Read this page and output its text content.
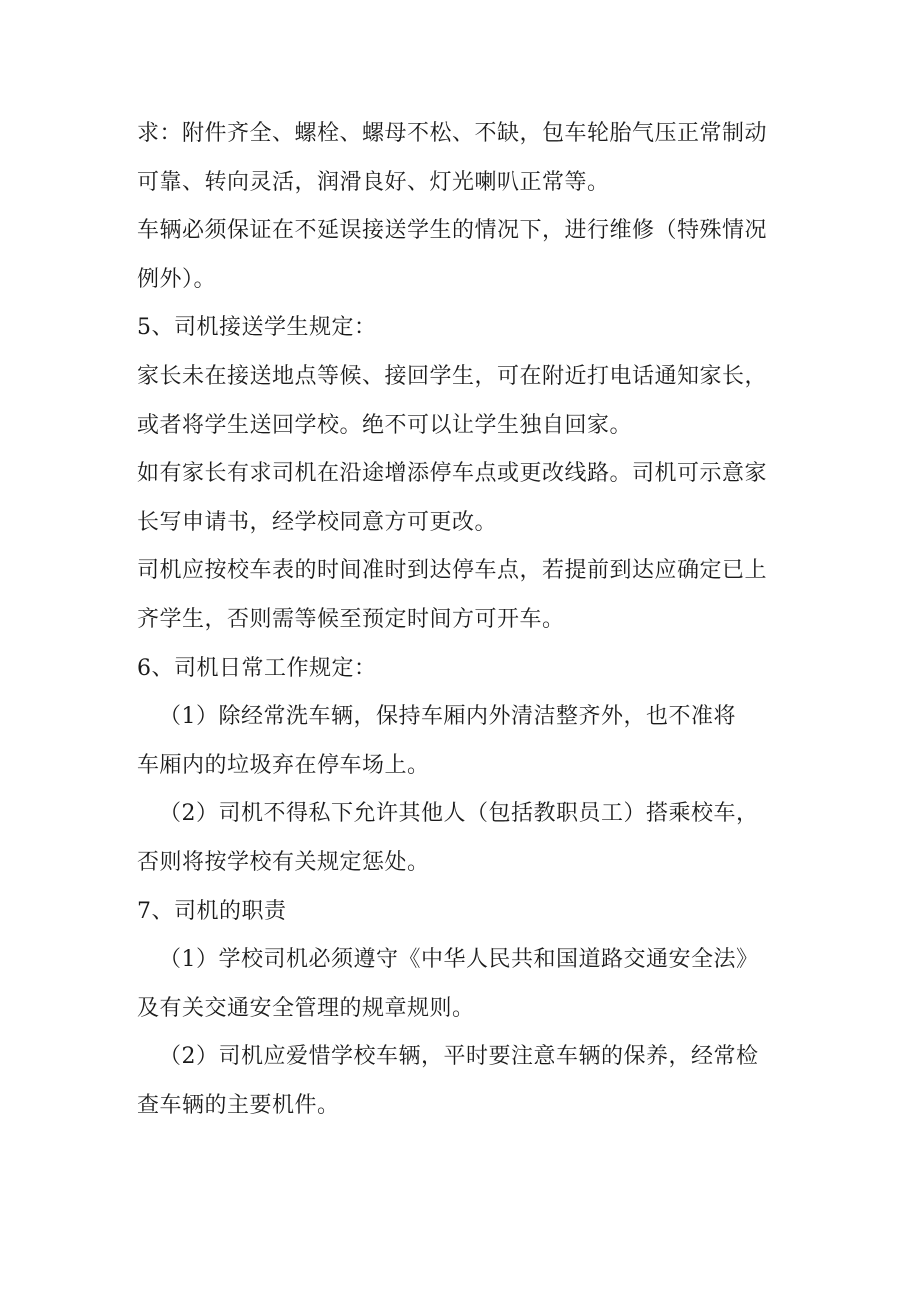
求：附件齐全、螺栓、螺母不松、不缺，包车轮胎气压正常制动
可靠、转向灵活，润滑良好、灯光喇叭正常等。
车辆必须保证在不延误接送学生的情况下，进行维修（特殊情况
例外）。
5、司机接送学生规定：
家长未在接送地点等候、接回学生，可在附近打电话通知家长，
或者将学生送回学校。绝不可以让学生独自回家。
如有家长有求司机在沿途增添停车点或更改线路。司机可示意家
长写申请书，经学校同意方可更改。
司机应按校车表的时间准时到达停车点，若提前到达应确定已上
齐学生，否则需等候至预定时间方可开车。
6、司机日常工作规定：
（1）除经常洗车辆，保持车厢内外清洁整齐外，也不准将
车厢内的垃圾弃在停车场上。
（2）司机不得私下允许其他人（包括教职员工）搭乘校车，
否则将按学校有关规定惩处。
7、司机的职责
（1）学校司机必须遵守《中华人民共和国道路交通安全法》
及有关交通安全管理的规章规则。
（2）司机应爱惜学校车辆，平时要注意车辆的保养，经常检
查车辆的主要机件。
